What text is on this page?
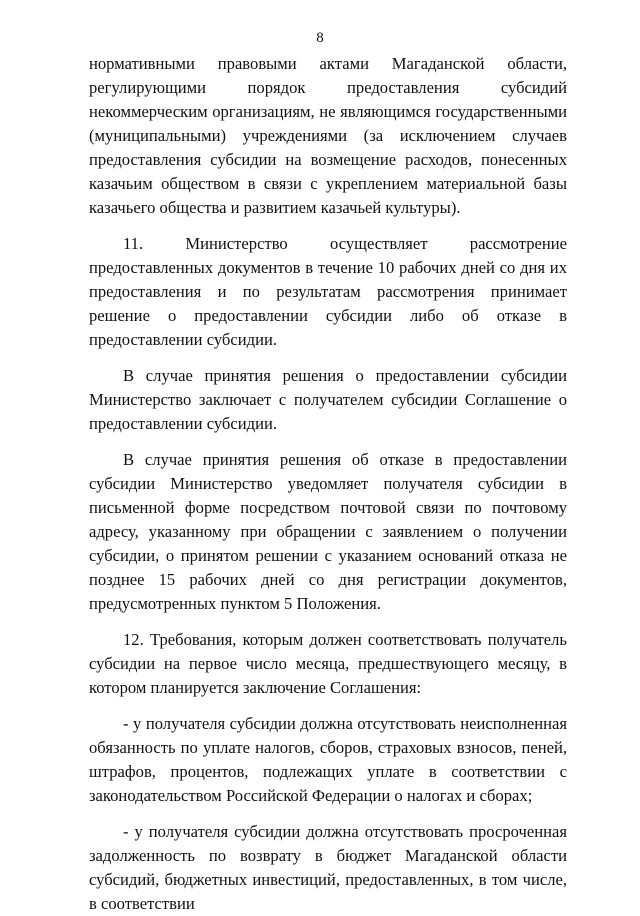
8

нормативными правовыми актами Магаданской области, регулирующими порядок предоставления субсидий некоммерческим организациям, не являющимся государственными (муниципальными) учреждениями (за исключением случаев предоставления субсидии на возмещение расходов, понесенных казачьим обществом в связи с укреплением материальной базы казачьего общества и развитием казачьей культуры).

11. Министерство осуществляет рассмотрение предоставленных документов в течение 10 рабочих дней со дня их предоставления и по результатам рассмотрения принимает решение о предоставлении субсидии либо об отказе в предоставлении субсидии.

В случае принятия решения о предоставлении субсидии Министерство заключает с получателем субсидии Соглашение о предоставлении субсидии.

В случае принятия решения об отказе в предоставлении субсидии Министерство уведомляет получателя субсидии в письменной форме посредством почтовой связи по почтовому адресу, указанному при обращении с заявлением о получении субсидии, о принятом решении с указанием оснований отказа не позднее 15 рабочих дней со дня регистрации документов, предусмотренных пунктом 5 Положения.

12. Требования, которым должен соответствовать получатель субсидии на первое число месяца, предшествующего месяцу, в котором планируется заключение Соглашения:

- у получателя субсидии должна отсутствовать неисполненная обязанность по уплате налогов, сборов, страховых взносов, пеней, штрафов, процентов, подлежащих уплате в соответствии с законодательством Российской Федерации о налогах и сборах;

- у получателя субсидии должна отсутствовать просроченная задолженность по возврату в бюджет Магаданской области субсидий, бюджетных инвестиций, предоставленных, в том числе, в соответствии
